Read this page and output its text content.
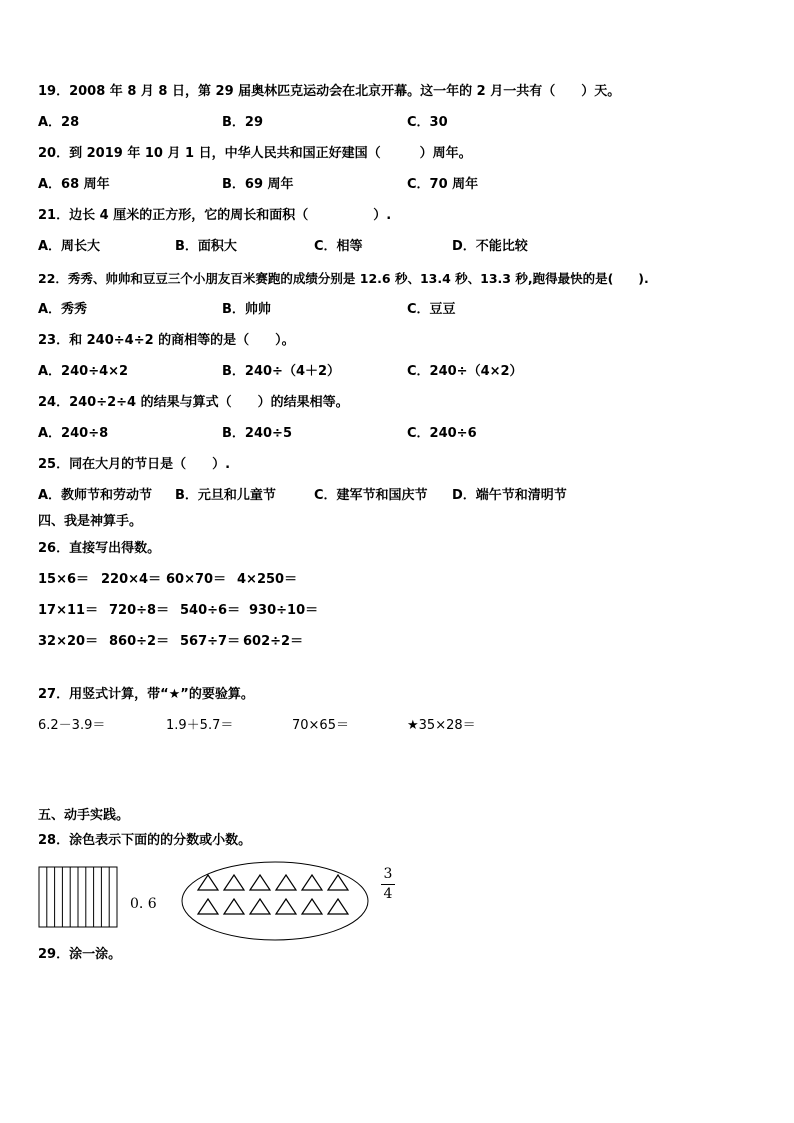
19．2008 年 8 月 8 日，第 29 届奥林匹克运动会在北京开幕。这一年的 2 月一共有（　　）天。
A．28	B．29	C．30
20．到 2019 年 10 月 1 日，中华人民共和国正好建国（　　　）周年。
A．68 周年	B．69 周年	C．70 周年
21．边长 4 厘米的正方形，它的周长和面积（　　　　　）.
A．周长大	B．面积大	C．相等	D．不能比较
22．秀秀、帅帅和豆豆三个小朋友百米赛跑的成绩分别是 12.6 秒、13.4 秒、13.3 秒,跑得最快的是(　　).
A．秀秀	B．帅帅	C．豆豆
23．和 240÷4÷2 的商相等的是（　　）。
A．240÷4×2	B．240÷（4＋2）	C．240÷（4×2）
24．240÷2÷4 的结果与算式（　　）的结果相等。
A．240÷8	B．240÷5	C．240÷6
25．同在大月的节日是（　　）.
A．教师节和劳动节 B．元旦和儿童节	C．建军节和国庆节 D．端午节和清明节
四、我是神算手。
26．直接写出得数。
15×6＝ 220×4＝ 60×70＝ 4×250＝
17×11＝ 720÷8＝ 540÷6＝ 930÷10＝
32×20＝ 860÷2＝ 567÷7＝ 602÷2＝
27．用竖式计算，带“★”的要验算。
6.2－3.9＝	1.9＋5.7＝	70×65＝	★35×28＝
五、动手实践。
28．涂色表示下面的的分数或小数。
0. 6
3
4
29．涂一涂。
